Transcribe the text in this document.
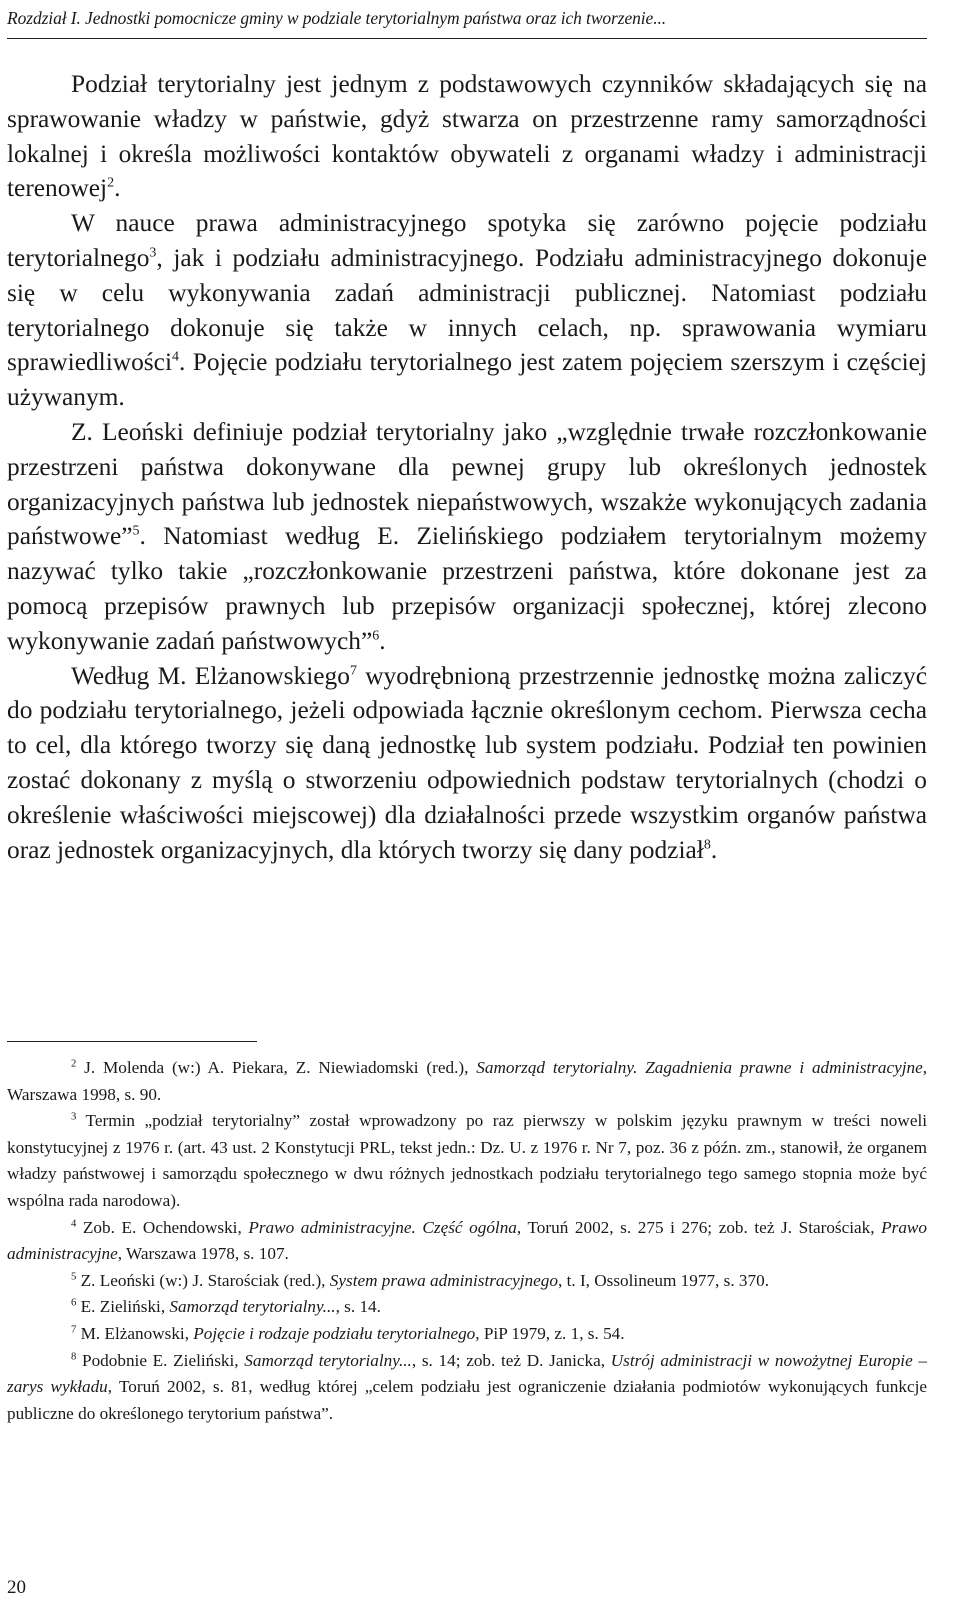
Rozdział I. Jednostki pomocnicze gminy w podziale terytorialnym państwa oraz ich tworzenie...

Podział terytorialny jest jednym z podstawowych czynników składających się na sprawowanie władzy w państwie, gdyż stwarza on przestrzenne ramy samorządności lokalnej i określa możliwości kontaktów obywateli z organami władzy i administracji terenowej$^2$.

W nauce prawa administracyjnego spotyka się zarówno pojęcie podziału terytorialnego$^3$, jak i podziału administracyjnego. Podziału administracyjnego dokonuje się w celu wykonywania zadań administracji publicznej. Natomiast podziału terytorialnego dokonuje się także w innych celach, np. sprawowania wymiaru sprawiedliwości$^4$. Pojęcie podziału terytorialnego jest zatem pojęciem szerszym i częściej używanym.

Z. Leoński definiuje podział terytorialny jako „względnie trwałe rozczłonkowanie przestrzeni państwa dokonywane dla pewnej grupy lub określonych jednostek organizacyjnych państwa lub jednostek niepaństwowych, wszakże wykonujących zadania państwowe”$^5$. Natomiast według E. Zielińskiego podziałem terytorialnym możemy nazywać tylko takie „rozczłonkowanie przestrzeni państwa, które dokonane jest za pomocą przepisów prawnych lub przepisów organizacji społecznej, której zlecono wykonywanie zadań państwowych”$^6$.

Według M. Elżanowskiego$^7$ wyodrębnioną przestrzennie jednostkę można zaliczyć do podziału terytorialnego, jeżeli odpowiada łącznie określonym cechom. Pierwsza cecha to cel, dla którego tworzy się daną jednostkę lub system podziału. Podział ten powinien zostać dokonany z myślą o stworzeniu odpowiednich podstaw terytorialnych (chodzi o określenie właściwości miejscowej) dla działalności przede wszystkim organów państwa oraz jednostek organizacyjnych, dla których tworzy się dany podział$^8$.

$^2$ J. Molenda (w:) A. Piekara, Z. Niewiadomski (red.), Samorząd terytorialny. Zagadnienia prawne i administracyjne, Warszawa 1998, s. 90.

$^3$ Termin „podział terytorialny” został wprowadzony po raz pierwszy w polskim języku prawnym w treści noweli konstytucyjnej z 1976 r. (art. 43 ust. 2 Konstytucji PRL, tekst jedn.: Dz. U. z 1976 r. Nr 7, poz. 36 z późn. zm., stanowił, że organem władzy państwowej i samorządu społecznego w dwu różnych jednostkach podziału terytorialnego tego samego stopnia może być wspólna rada narodowa).

$^4$ Zob. E. Ochendowski, Prawo administracyjne. Część ogólna, Toruń 2002, s. 275 i 276; zob. też J. Starościak, Prawo administracyjne, Warszawa 1978, s. 107.

$^5$ Z. Leoński (w:) J. Starościak (red.), System prawa administracyjnego, t. I, Ossolineum 1977, s. 370.

$^6$ E. Zieliński, Samorząd terytorialny..., s. 14.

$^7$ M. Elżanowski, Pojęcie i rodzaje podziału terytorialnego, PiP 1979, z. 1, s. 54.

$^8$ Podobnie E. Zieliński, Samorząd terytorialny..., s. 14; zob. też D. Janicka, Ustrój administracji w nowożytnej Europie – zarys wykładu, Toruń 2002, s. 81, według której „celem podziału jest ograniczenie działania podmiotów wykonujących funkcje publiczne do określonego terytorium państwa”.

20
